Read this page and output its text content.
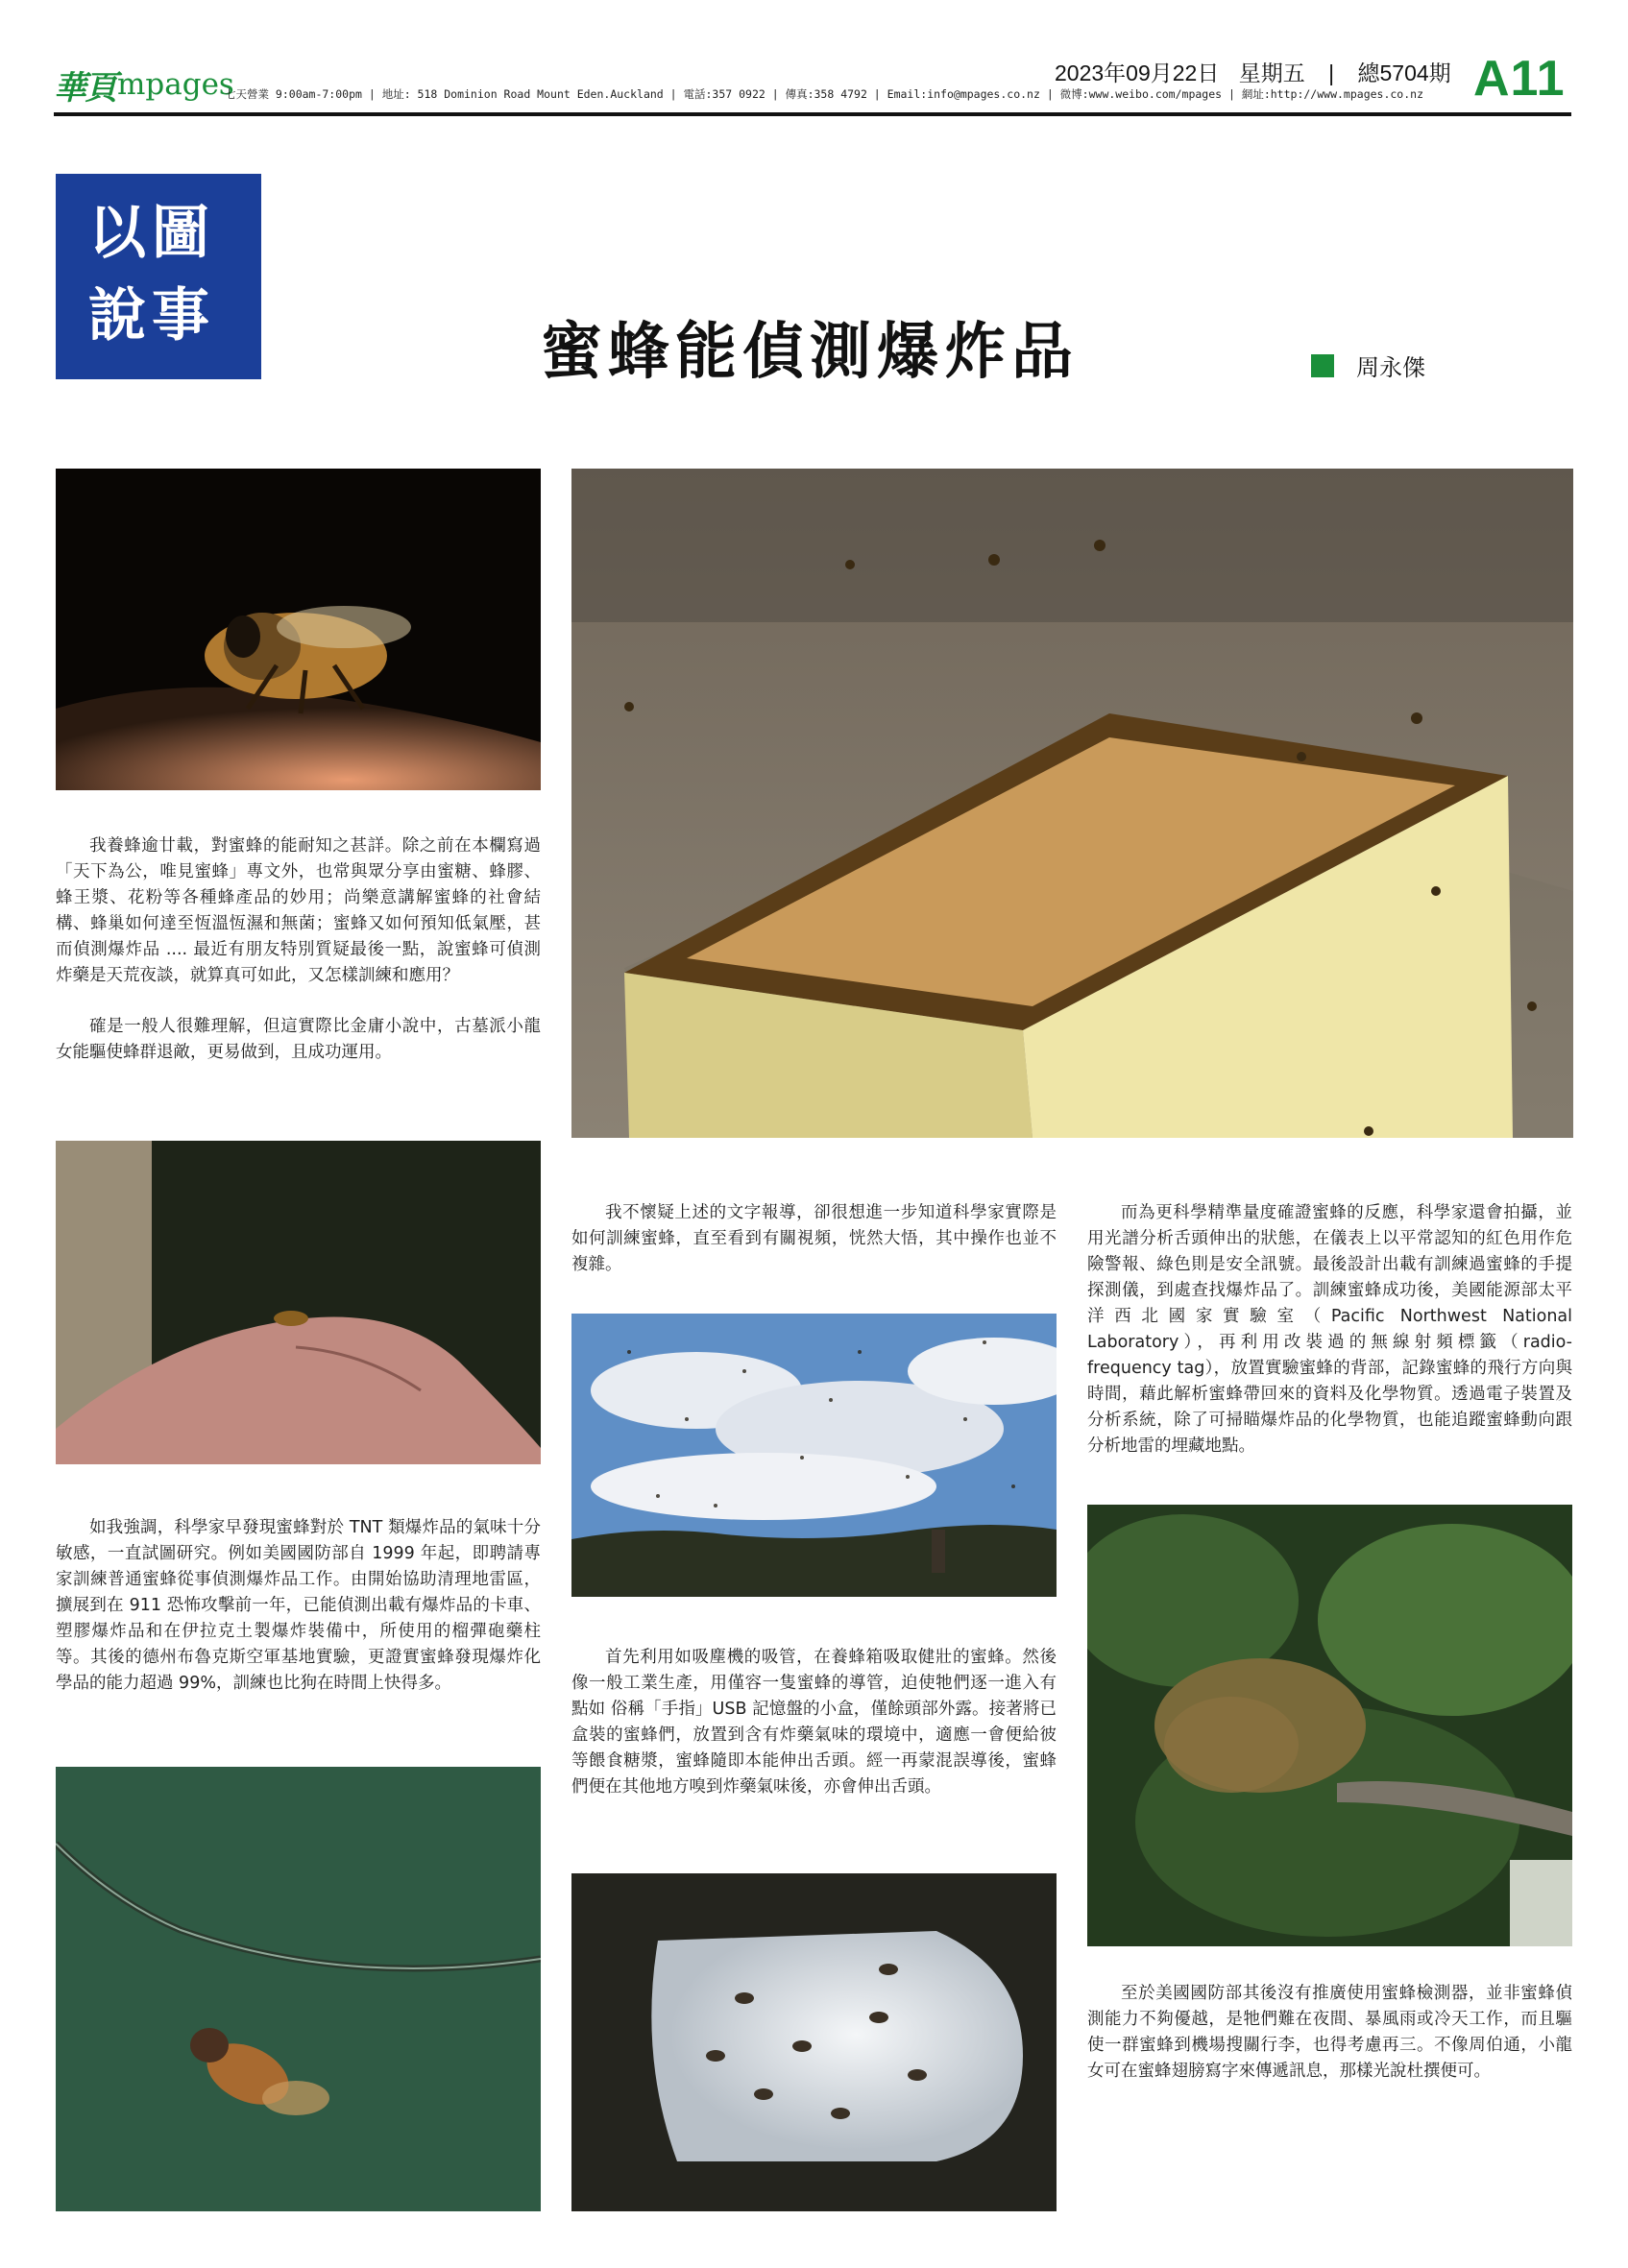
華頁 mpages
七天營業 9:00am-7:00pm | 地址: 518 Dominion Road Mount Eden.Auckland | 電話:357 0922 | 傳真:358 4792 | Email:info@mpages.co.nz | 微博:www.weibo.com/mpages | 網址:http://www.mpages.co.nz
2023年09月22日 星期五 | 總5704期 A11
以圖
說事	蜜蜂能偵測爆炸品	周永傑

我養蜂逾廿載，對蜜蜂的能耐知之甚詳。除之前在本欄寫過「天下為公，唯見蜜蜂」專文外，也常與眾分享由蜜糖、蜂膠、蜂王漿、花粉等各種蜂產品的妙用；尚樂意講解蜜蜂的社會結構、蜂巢如何達至恆溫恆濕和無菌；蜜蜂又如何預知低氣壓，甚而偵測爆炸品 .... 最近有朋友特別質疑最後一點，說蜜蜂可偵測炸藥是天荒夜談，就算真可如此，又怎樣訓練和應用？

確是一般人很難理解，但這實際比金庸小說中，古墓派小龍女能驅使蜂群退敵，更易做到，且成功運用。

如我強調，科學家早發現蜜蜂對於 TNT 類爆炸品的氣味十分敏感，一直試圖研究。例如美國國防部自 1999 年起，即聘請專家訓練普通蜜蜂從事偵測爆炸品工作。由開始協助清理地雷區，擴展到在 911 恐怖攻擊前一年，已能偵測出載有爆炸品的卡車、塑膠爆炸品和在伊拉克土製爆炸裝備中，所使用的榴彈砲藥柱等。其後的德州布魯克斯空軍基地實驗，更證實蜜蜂發現爆炸化學品的能力超過 99%，訓練也比狗在時間上快得多。

我不懷疑上述的文字報導，卻很想進一步知道科學家實際是如何訓練蜜蜂，直至看到有關視頻，恍然大悟，其中操作也並不複雜。

首先利用如吸塵機的吸管，在養蜂箱吸取健壯的蜜蜂。然後像一般工業生產，用僅容一隻蜜蜂的導管，迫使牠們逐一進入有點如 俗稱「手指」USB 記憶盤的小盒，僅餘頭部外露。接著將已盒裝的蜜蜂們，放置到含有炸藥氣味的環境中，適應一會便給彼等餵食糖漿，蜜蜂隨即本能伸出舌頭。經一再蒙混誤導後，蜜蜂們便在其他地方嗅到炸藥氣味後，亦會伸出舌頭。

而為更科學精準量度確證蜜蜂的反應，科學家還會拍攝，並用光譜分析舌頭伸出的狀態，在儀表上以平常認知的紅色用作危險警報、綠色則是安全訊號。最後設計出載有訓練過蜜蜂的手提探測儀，到處查找爆炸品了。訓練蜜蜂成功後，美國能源部太平洋西北國家實驗室（Pacific Northwest National Laboratory），再利用改裝過的無線射頻標籤（radio-frequency tag），放置實驗蜜蜂的背部，記錄蜜蜂的飛行方向與時間，藉此解析蜜蜂帶回來的資料及化學物質。透過電子裝置及分析系統，除了可掃瞄爆炸品的化學物質，也能追蹤蜜蜂動向跟分析地雷的埋藏地點。

至於美國國防部其後沒有推廣使用蜜蜂檢測器，並非蜜蜂偵測能力不夠優越，是牠們難在夜間、暴風雨或冷天工作，而且驅使一群蜜蜂到機場搜關行李，也得考慮再三。不像周伯通，小龍女可在蜜蜂翅膀寫字來傳遞訊息，那樣光說杜撰便可。
